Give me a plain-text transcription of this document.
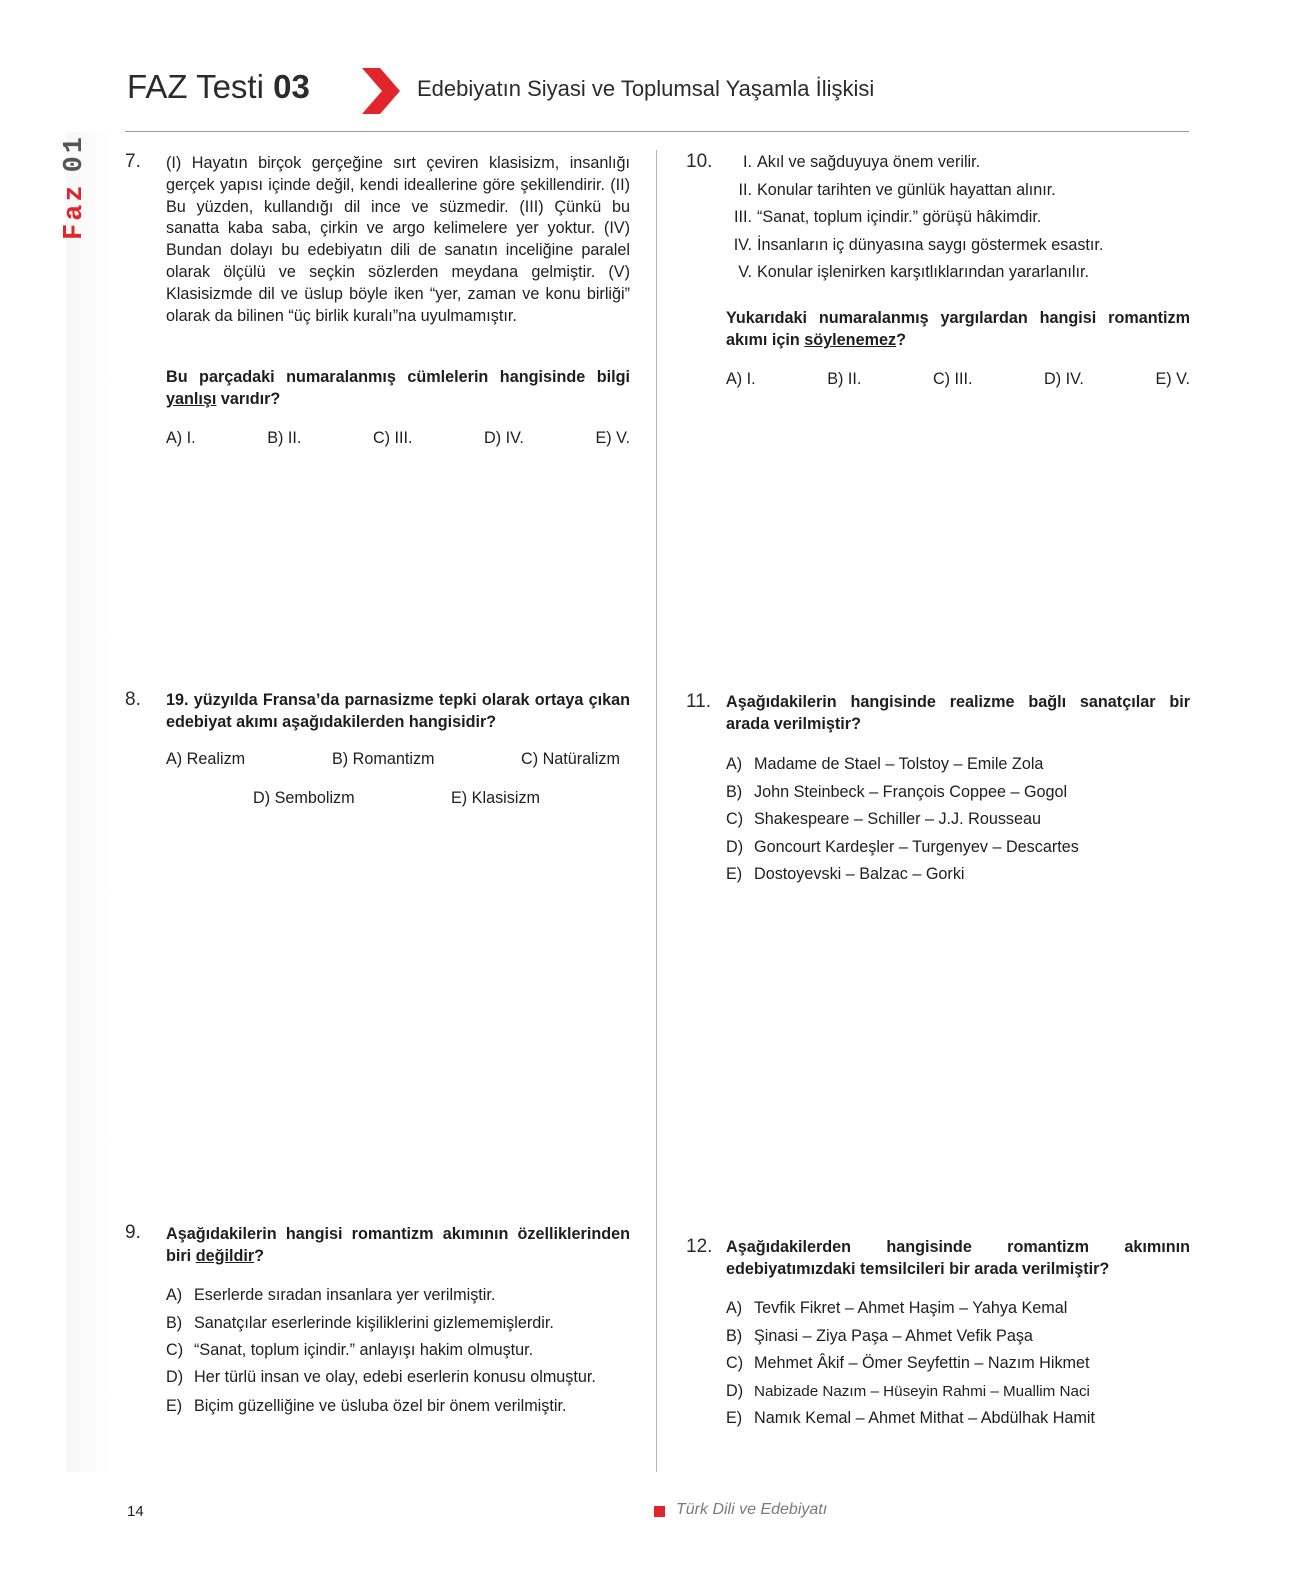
Faz01
FAZ Testi 03	Edebiyatın Siyasi ve Toplumsal Yaşamla İlişkisi
7. (I) Hayatın birçok gerçeğine sırt çeviren klasisizm, insanlığı gerçek yapısı içinde değil, kendi ideallerine göre şekillendirir. (II) Bu yüzden, kullandığı dil ince ve süzmedir. (III) Çünkü bu sanatta kaba saba, çirkin ve argo kelimelere yer yoktur. (IV) Bundan dolayı bu edebiyatın dili de sanatın inceliğine paralel olarak ölçülü ve seçkin sözlerden meydana gelmiştir. (V) Klasisizmde dil ve üslup böyle iken “yer, zaman ve konu birliği” olarak da bilinen “üç birlik kuralı”na uyulmamıştır.
Bu parçadaki numaralanmış cümlelerin hangisinde bilgi yanlışı varıdır?
A) I.	B) II.	C) III.	D) IV.	E) V.
8. 19. yüzyılda Fransa’da parnasizme tepki olarak ortaya çıkan edebiyat akımı aşağıdakilerden hangisidir?
A) Realizm	B) Romantizm	C) Natüralizm
D) Sembolizm	E) Klasisizm
9. Aşağıdakilerin hangisi romantizm akımının özelliklerinden biri değildir?
A) Eserlerde sıradan insanlara yer verilmiştir.
B) Sanatçılar eserlerinde kişiliklerini gizlememişlerdir.
C) “Sanat, toplum içindir.” anlayışı hakim olmuştur.
D) Her türlü insan ve olay, edebi eserlerin konusu olmuştur.
E) Biçim güzelliğine ve üsluba özel bir önem verilmiştir.
10.	I. Akıl ve sağduyuya önem verilir.
II. Konular tarihten ve günlük hayattan alınır.
III. “Sanat, toplum içindir.” görüşü hâkimdir.
IV. İnsanların iç dünyasına saygı göstermek esastır.
V. Konular işlenirken karşıtlıklarından yararlanılır.
Yukarıdaki numaralanmış yargılardan hangisi romantizm akımı için söylenemez?
A) I.	B) II.	C) III.	D) IV.	E) V.
11. Aşağıdakilerin hangisinde realizme bağlı sanatçılar bir arada verilmiştir?
A) Madame de Stael – Tolstoy – Emile Zola
B) John Steinbeck – François Coppee – Gogol
C) Shakespeare – Schiller – J.J. Rousseau
D) Goncourt Kardeşler – Turgenyev – Descartes
E) Dostoyevski – Balzac – Gorki
12. Aşağıdakilerden hangisinde romantizm akımının edebiyatımızdaki temsilcileri bir arada verilmiştir?
A) Tevfik Fikret – Ahmet Haşim – Yahya Kemal
B) Şinasi – Ziya Paşa – Ahmet Vefik Paşa
C) Mehmet Âkif – Ömer Seyfettin – Nazım Hikmet
D) Nabizade Nazım – Hüseyin Rahmi – Muallim Naci
E) Namık Kemal – Ahmet Mithat – Abdülhak Hamit
14	Türk Dili ve Edebiyatı
